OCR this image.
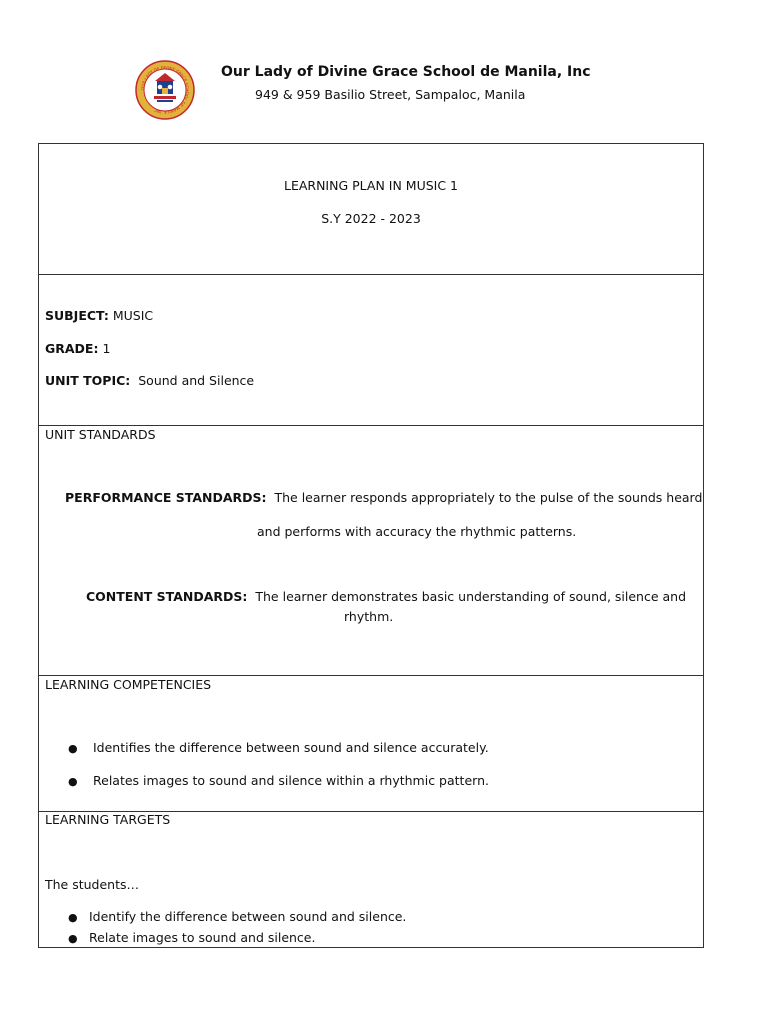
OUR LADY OF DIVINE GRACE SCHOOL DE MANILA, INC.
Our Lady of Divine Grace School de Manila, Inc
949 & 959 Basilio Street, Sampaloc, Manila
LEARNING PLAN IN MUSIC 1
S.Y 2022 - 2023
SUBJECT: MUSIC
GRADE: 1
UNIT TOPIC: Sound and Silence
UNIT STANDARDS
PERFORMANCE STANDARDS: The learner responds appropriately to the pulse of the sounds heard
and performs with accuracy the rhythmic patterns.
CONTENT STANDARDS: The learner demonstrates basic understanding of sound, silence and
rhythm.
LEARNING COMPETENCIES
● Identifies the difference between sound and silence accurately.
● Relates images to sound and silence within a rhythmic pattern.
LEARNING TARGETS
The students…
● Identify the difference between sound and silence.
● Relate images to sound and silence.
